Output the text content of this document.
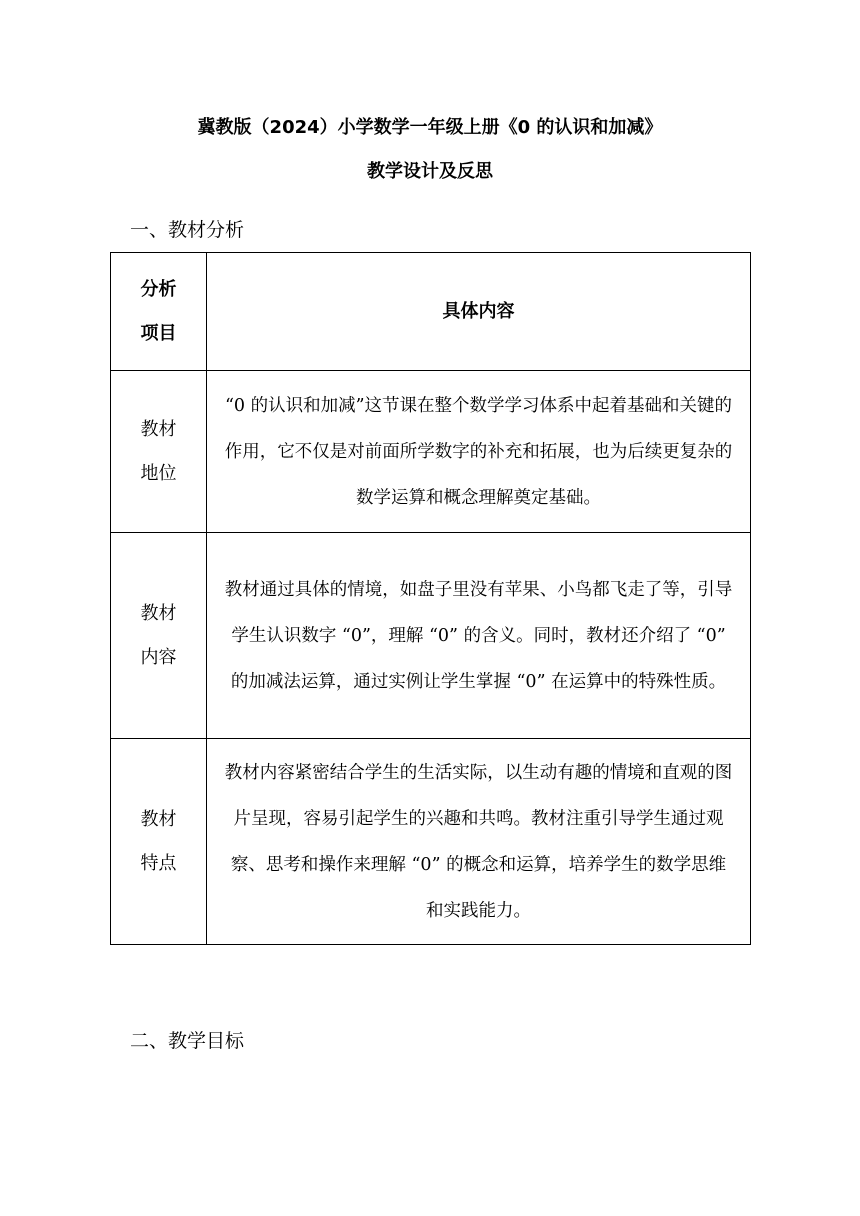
冀教版（2024）小学数学一年级上册《0 的认识和加减》
教学设计及反思
一、教材分析
分析项目	具体内容
教材地位	“0 的认识和加减”这节课在整个数学学习体系中起着基础和关键的作用，它不仅是对前面所学数字的补充和拓展，也为后续更复杂的数学运算和概念理解奠定基础。

教材内容	教材通过具体的情境，如盘子里没有苹果、小鸟都飞走了等，引导学生认识数字 “0”，理解 “0” 的含义。同时，教材还介绍了 “0” 的加减法运算，通过实例让学生掌握 “0” 在运算中的特殊性质。

教材特点	教材内容紧密结合学生的生活实际，以生动有趣的情境和直观的图片呈现，容易引起学生的兴趣和共鸣。教材注重引导学生通过观察、思考和操作来理解 “0” 的概念和运算，培养学生的数学思维和实践能力。
二、教学目标
